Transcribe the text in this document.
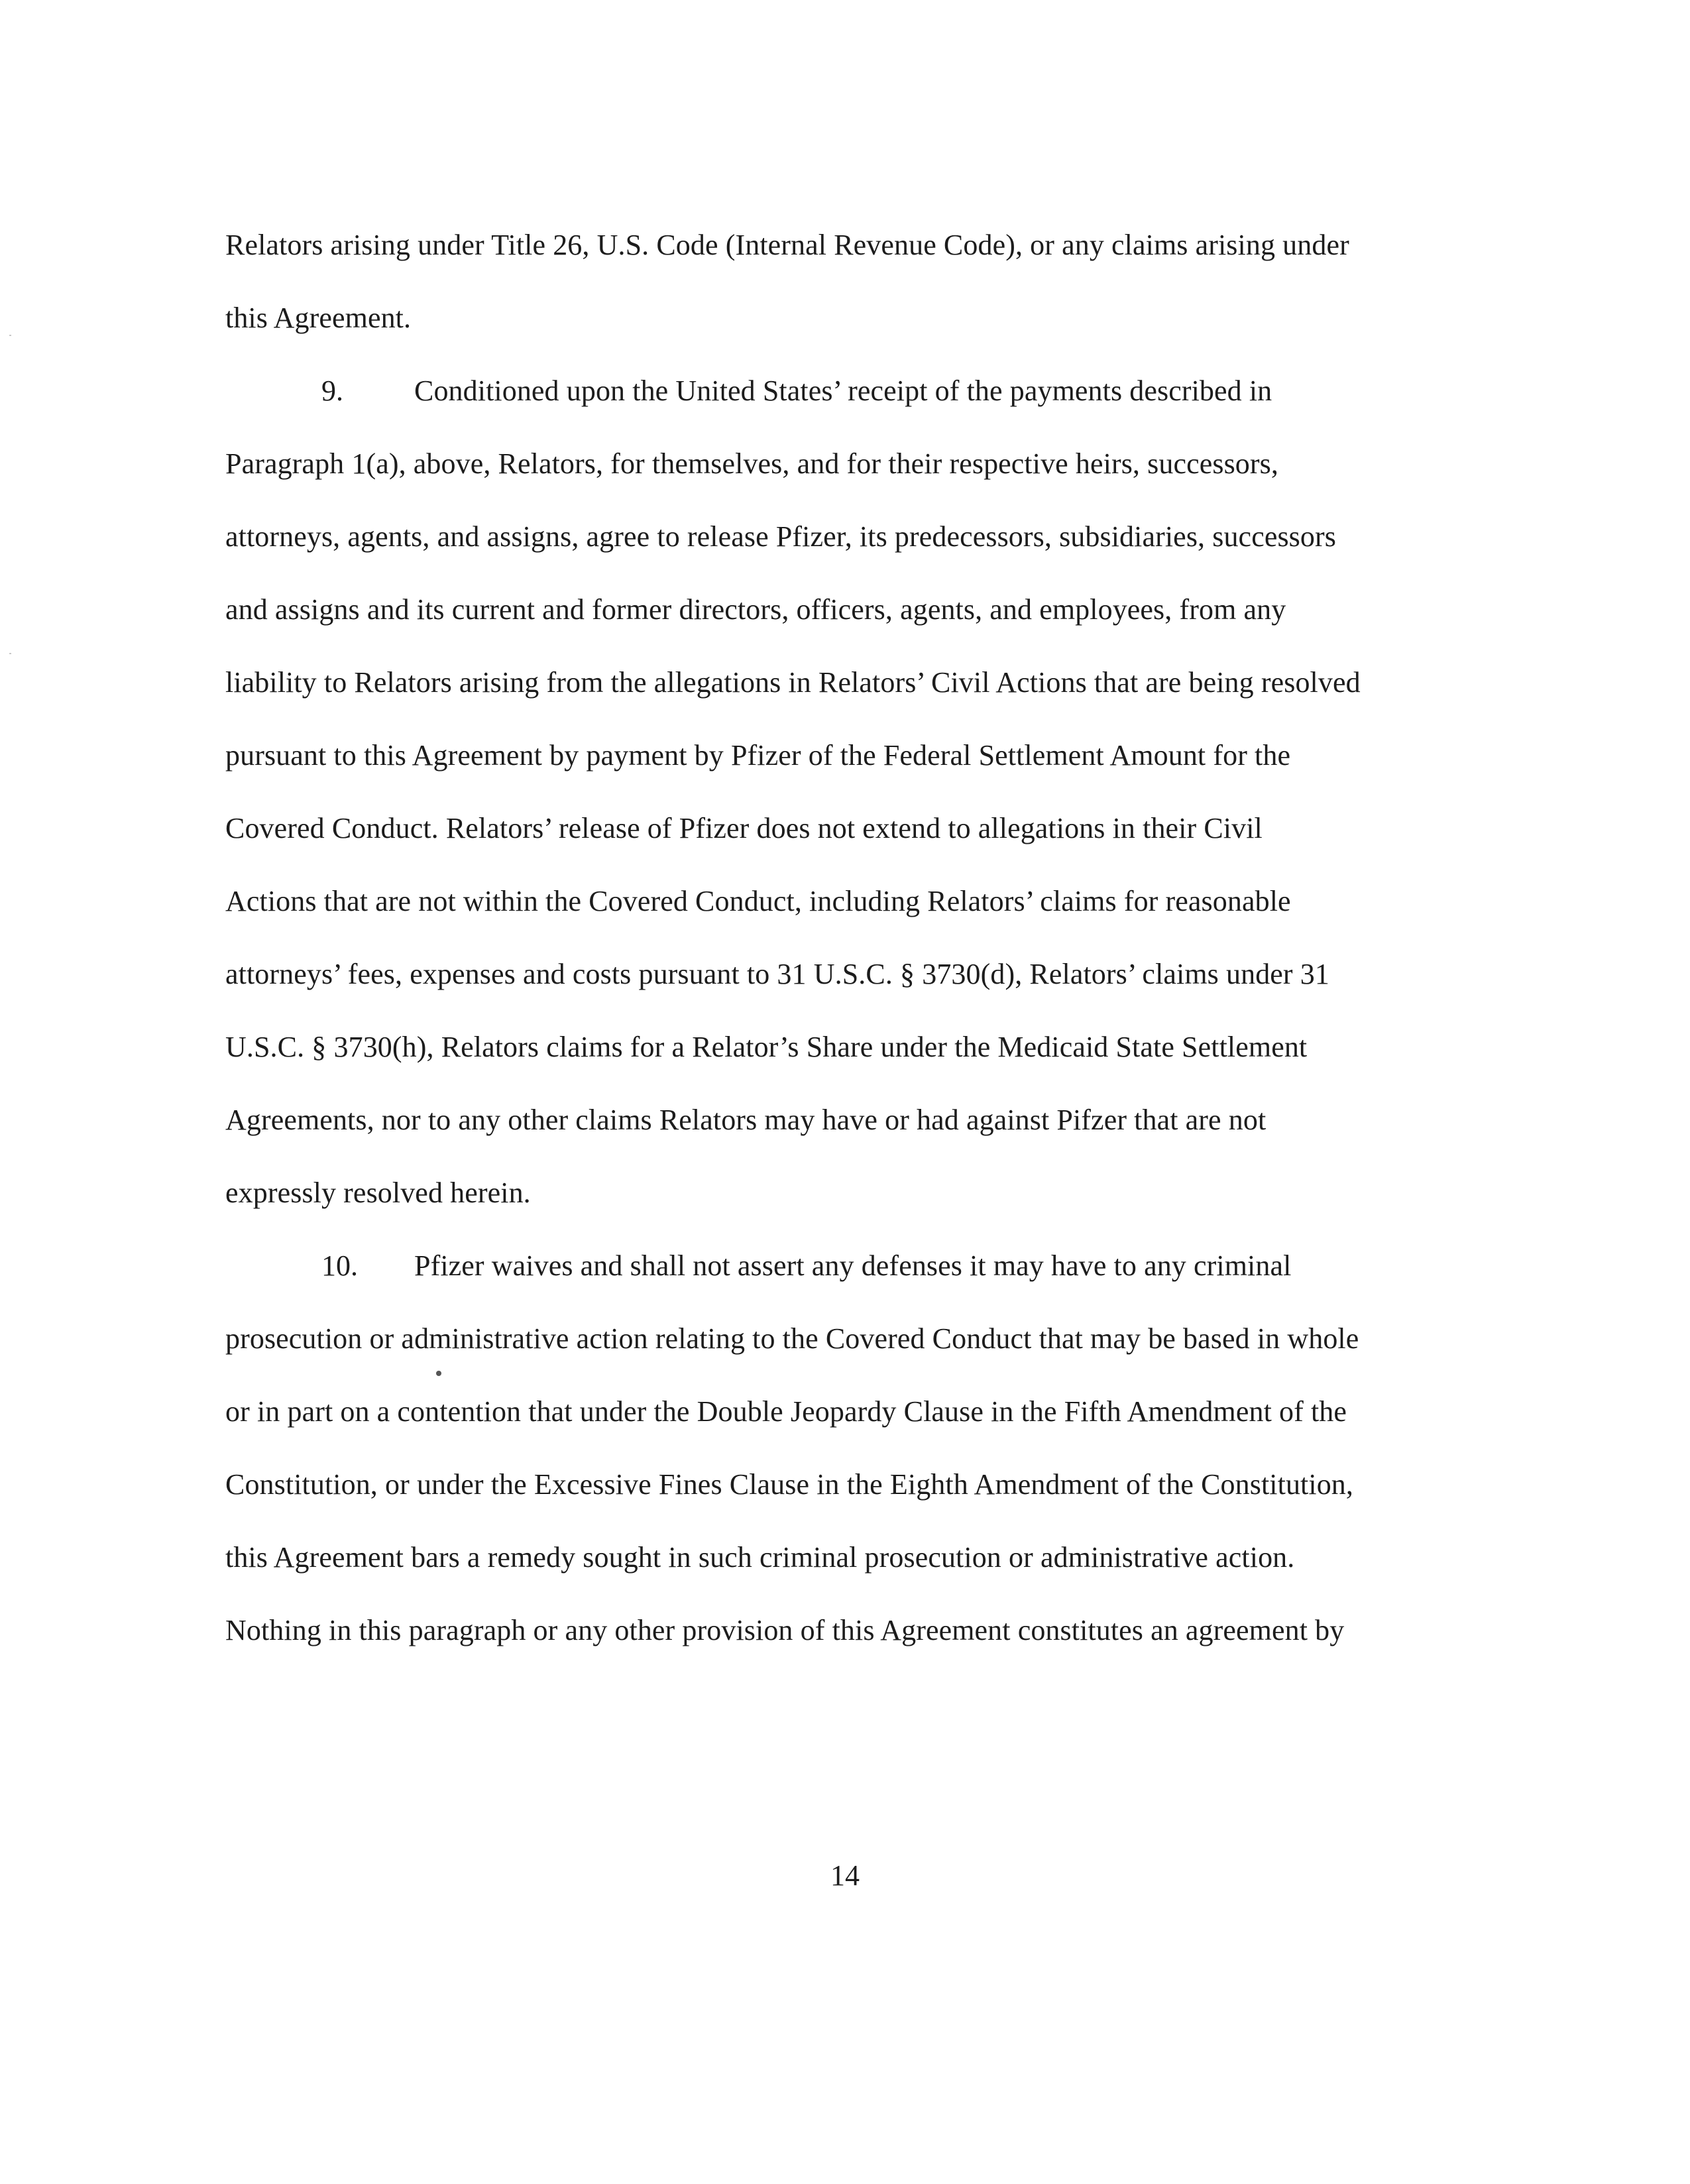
Relators arising under Title 26, U.S. Code (Internal Revenue Code), or any claims arising under
this Agreement.
9. Conditioned upon the United States’ receipt of the payments described in
Paragraph 1(a), above, Relators, for themselves, and for their respective heirs, successors,
attorneys, agents, and assigns, agree to release Pfizer, its predecessors, subsidiaries, successors
and assigns and its current and former directors, officers, agents, and employees, from any
liability to Relators arising from the allegations in Relators’ Civil Actions that are being resolved
pursuant to this Agreement by payment by Pfizer of the Federal Settlement Amount for the
Covered Conduct. Relators’ release of Pfizer does not extend to allegations in their Civil
Actions that are not within the Covered Conduct, including Relators’ claims for reasonable
attorneys’ fees, expenses and costs pursuant to 31 U.S.C. § 3730(d), Relators’ claims under 31
U.S.C. § 3730(h), Relators claims for a Relator’s Share under the Medicaid State Settlement
Agreements, nor to any other claims Relators may have or had against Pifzer that are not
expressly resolved herein.
10. Pfizer waives and shall not assert any defenses it may have to any criminal
prosecution or administrative action relating to the Covered Conduct that may be based in whole
or in part on a contention that under the Double Jeopardy Clause in the Fifth Amendment of the
Constitution, or under the Excessive Fines Clause in the Eighth Amendment of the Constitution,
this Agreement bars a remedy sought in such criminal prosecution or administrative action.
Nothing in this paragraph or any other provision of this Agreement constitutes an agreement by
14
